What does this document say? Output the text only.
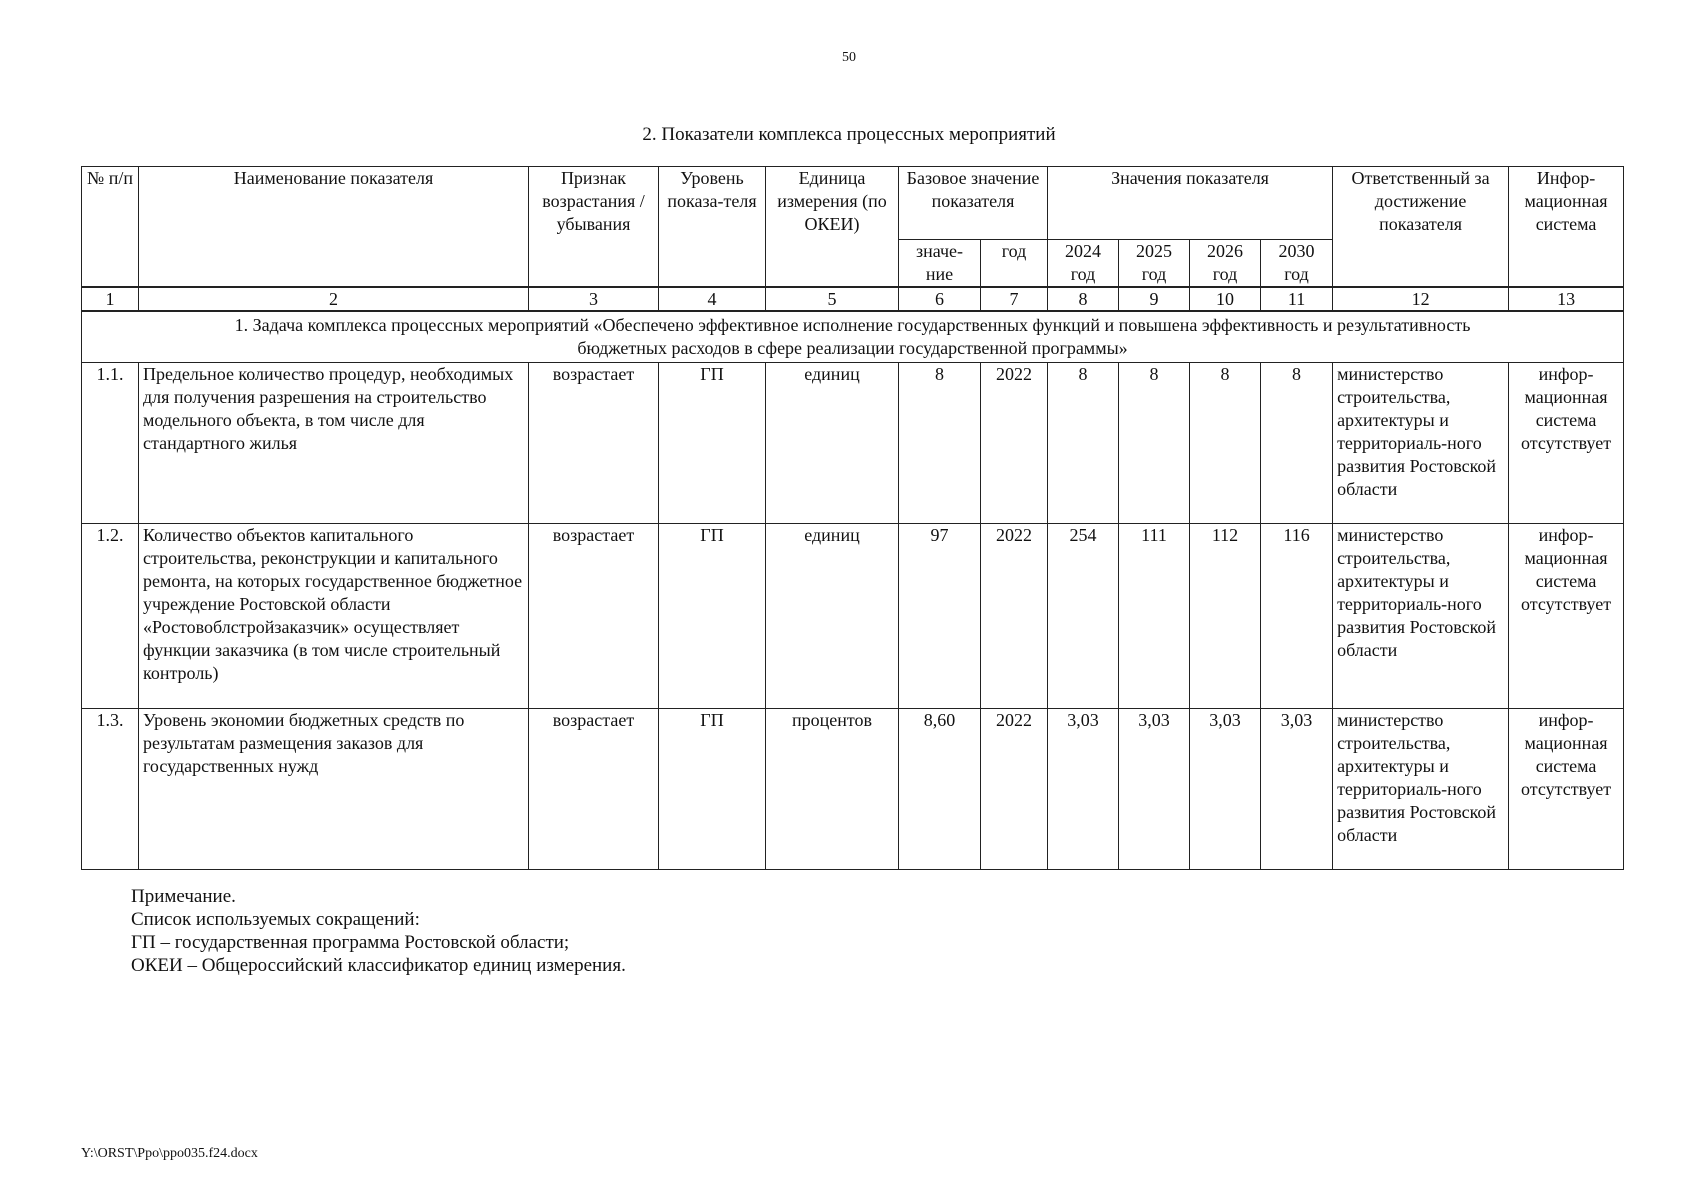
50
2. Показатели комплекса процессных мероприятий
№ п/п	Наименование показателя	Признак возрастания / убывания	Уровень показа-теля	Единица измерения (по ОКЕИ)	Базовое значение показателя		Значения показателя				Ответственный за достижение показателя	Инфор-мационная система
					значе-ние	год	2024 год	2025 год	2026 год	2030 год		
1	2	3	4	5	6	7	8	9	10	11	12	13
1. Задача комплекса процессных мероприятий «Обеспечено эффективное исполнение государственных функций и повышена эффективность и результативность бюджетных расходов в сфере реализации государственной программы»												
1.1.	Предельное количество процедур, необходимых для получения разрешения на строительство модельного объекта, в том числе для стандартного жилья	возрастает	ГП	единиц	8	2022	8	8	8	8	министерство строительства, архитектуры и территориаль-ного развития Ростовской области	инфор-мационная система отсутствует
1.2.	Количество объектов капитального строительства, реконструкции и капитального ремонта, на которых государственное бюджетное учреждение Ростовской области «Ростовоблстройзаказчик» осуществляет функции заказчика (в том числе строительный контроль)	возрастает	ГП	единиц	97	2022	254	111	112	116	министерство строительства, архитектуры и территориаль-ного развития Ростовской области	инфор-мационная система отсутствует
1.3.	Уровень экономии бюджетных средств по результатам размещения заказов для государственных нужд	возрастает	ГП	процентов	8,60	2022	3,03	3,03	3,03	3,03	министерство строительства, архитектуры и территориаль-ного развития Ростовской области	инфор-мационная система отсутствует
Примечание.
Список используемых сокращений:
ГП – государственная программа Ростовской области;
ОКЕИ – Общероссийский классификатор единиц измерения.
Y:\ORST\Ppo\ppo035.f24.docx
